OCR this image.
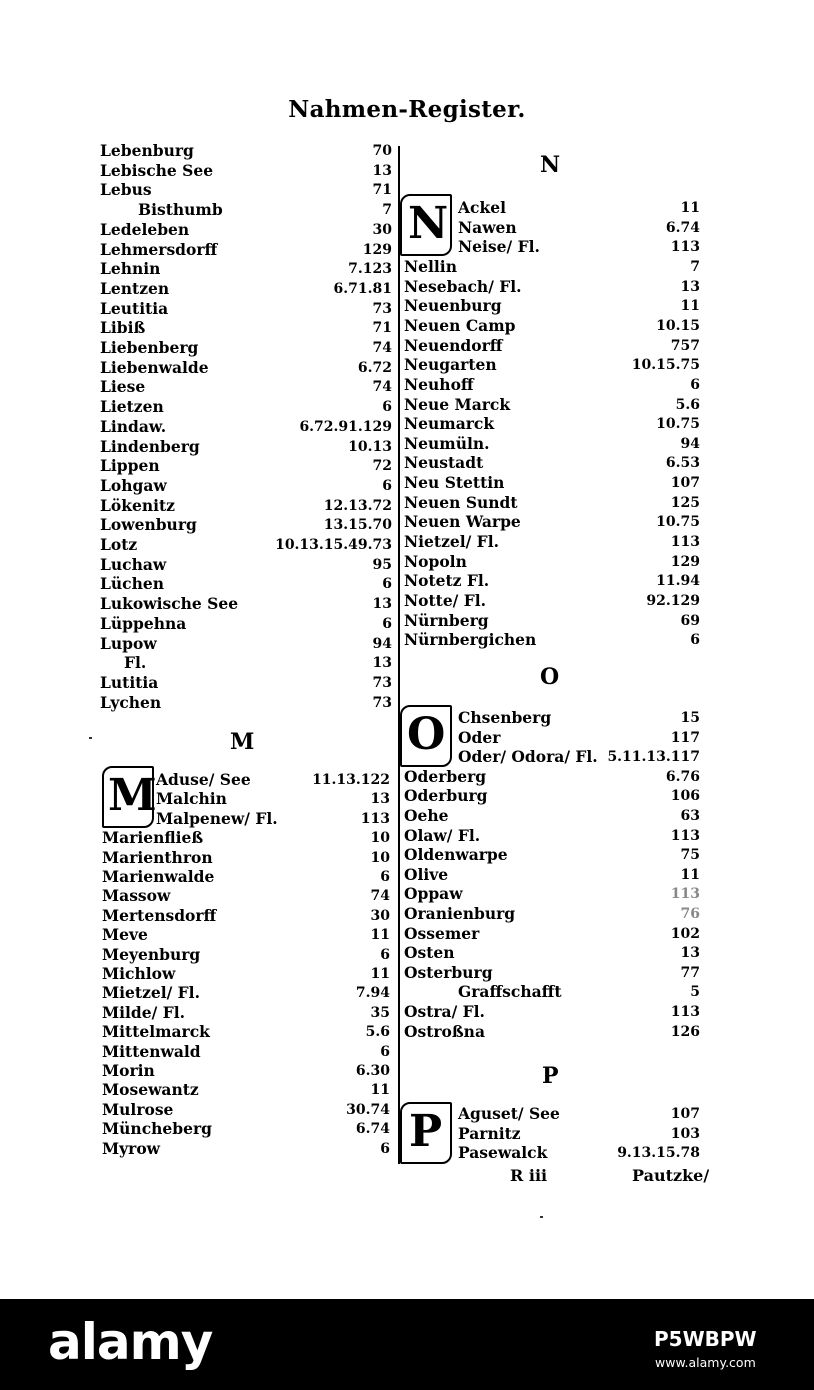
Nahmen-Register.
Lebenburg	70
Lebische See	13
Lebus	71
Bisthumb	7
Ledeleben	30
Lehmersdorff	129
Lehnin	7.123
Lentzen	6.71.81
Leutitia	73
Libiß	71
Liebenberg	74
Liebenwalde	6.72
Liese	74
Lietzen	6
Lindaw.	6.72.91.129
Lindenberg	10.13
Lippen	72
Lohgaw	6
Lökenitz	12.13.72
Lowenburg	13.15.70
Lotz	10.13.15.49.73
Luchaw	95
Lüchen	6
Lukowische See	13
Lüppehna	6
Lupow	94
Fl.	13
Lutitia	73
Lychen	73
M
M Aduse/ See	11.13.122
Malchin	13
Malpenew/ Fl.	113
Marienfließ	10
Marienthron	10
Marienwalde	6
Massow	74
Mertensdorff	30
Meve	11
Meyenburg	6
Michlow	11
Mietzel/ Fl.	7.94
Milde/ Fl.	35
Mittelmarck	5.6
Mittenwald	6
Morin	6.30
Mosewantz	11
Mulrose	30.74
Müncheberg	6.74
Myrow	6
N
N Ackel	11
Nawen	6.74
Neise/ Fl.	113
Nellin	7
Nesebach/ Fl.	13
Neuenburg	11
Neuen Camp	10.15
Neuendorff	757
Neugarten	10.15.75
Neuhoff	6
Neue Marck	5.6
Neumarck	10.75
Neumüln.	94
Neustadt	6.53
Neu Stettin	107
Neuen Sundt	125
Neuen Warpe	10.75
Nietzel/ Fl.	113
Nopoln	129
Notetz Fl.	11.94
Notte/ Fl.	92.129
Nürnberg	69
Nürnbergichen	6
O
O Chsenberg	15
Oder	117
Oder/ Odora/ Fl. 5.11.13.117
Oderberg	6.76
Oderburg	106
Oehe	63
Olaw/ Fl.	113
Oldenwarpe	75
Olive	11
Oppaw	113
Oranienburg	76
Ossemer	102
Osten	13
Osterburg	77
Graffschafft	5
Ostra/ Fl.	113
Ostroßna	126
P
P Aguset/ See	107
Parnitz	103
Pasewalck	9.13.15.78
R iii	Pautzke/
alamy	P5WBPW
www.alamy.com
